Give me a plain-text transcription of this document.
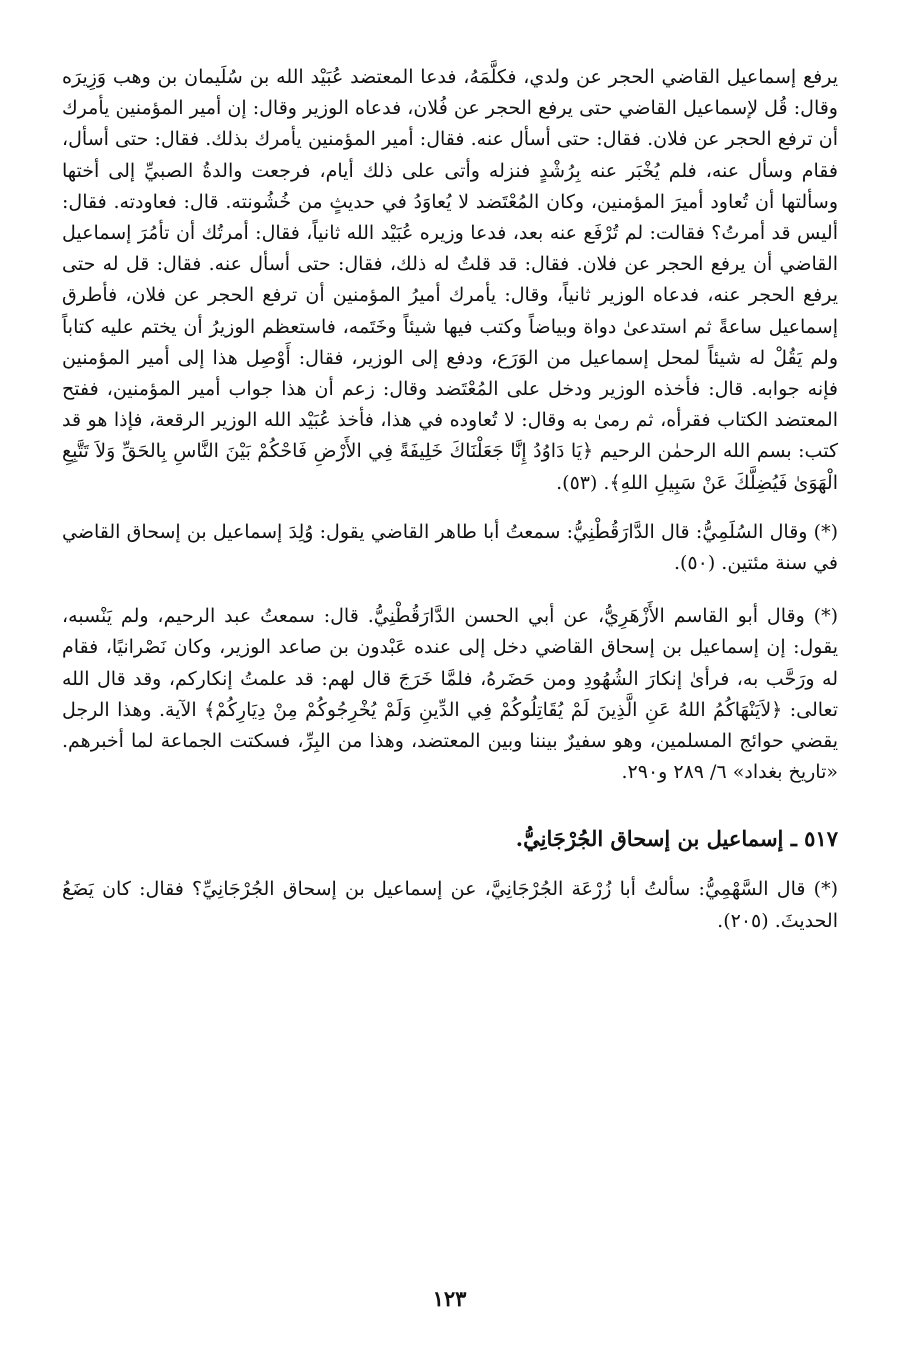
يرفع إسماعيل القاضي الحجر عن ولدي، فكلَّمَهُ، فدعا المعتضد عُبَيْد الله بن سُلَيمان بن وهب وَزِيرَه وقال: قُل لإسماعيل القاضي حتى يرفع الحجر عن فُلان، فدعاه الوزير وقال: إن أمير المؤمنين يأمرك أن ترفع الحجر عن فلان. فقال: حتى أسأل عنه. فقال: أمير المؤمنين يأمرك بذلك. فقال: حتى أسأل، فقام وسأل عنه، فلم يُخْبَر عنه بِرُشْدٍ فنزله وأتى على ذلك أيام، فرجعت والدةُ الصبيِّ إلى أختها وسألتها أن تُعاود أميرَ المؤمنين، وكان المُعْتَضد لا يُعاوَدُ في حديثٍ من خُشُونته. قال: فعاودته. فقال: أليس قد أمرتُ؟ فقالت: لم تُرْفَع عنه بعد، فدعا وزيره عُبَيْد الله ثانياً، فقال: أمرتُك أن تأمُرَ إسماعيل القاضي أن يرفع الحجر عن فلان. فقال: قد قلتُ له ذلك، فقال: حتى أسأل عنه. فقال: قل له حتى يرفع الحجر عنه، فدعاه الوزير ثانياً، وقال: يأمرك أميرُ المؤمنين أن ترفع الحجر عن فلان، فأطرق إسماعيل ساعةً ثم استدعىٰ دواة وبياضاً وكتب فيها شيئاً وخَتَمه، فاستعظم الوزيرُ أن يختم عليه كتاباً ولم يَقُلْ له شيئاً لمحل إسماعيل من الوَرَع، ودفع إلى الوزير، فقال: أَوْصِل هذا إلى أمير المؤمنين فإنه جوابه. قال: فأخذه الوزير ودخل على المُعْتَضد وقال: زعم أن هذا جواب أمير المؤمنين، ففتح المعتضد الكتاب فقرأه، ثم رمىٰ به وقال: لا تُعاوده في هذا، فأخذ عُبَيْد الله الوزير الرقعة، فإذا هو قد كتب: بسم الله الرحمٰن الرحيم ﴿يَا دَاوُدُ إِنَّا جَعَلْنَاكَ خَلِيفَةً فِي الأَرْضِ فَاحْكُمْ بَيْنَ النَّاسِ بِالحَقِّ وَلاَ تَتَّبِعِ الْهَوَىٰ فَيُضِلَّكَ عَنْ سَبِيلِ اللهِ﴾. (٥٣).

(*) وقال السُلَمِيُّ: قال الدَّارَقُطْنِيُّ: سمعتُ أبا طاهر القاضي يقول: وُلِدَ إسماعيل بن إسحاق القاضي في سنة مئتين. (٥٠).

(*) وقال أبو القاسم الأَزْهَرِيُّ، عن أبي الحسن الدَّارَقُطْنِيُّ. قال: سمعتُ عبد الرحيم، ولم يَنْسبه، يقول: إن إسماعيل بن إسحاق القاضي دخل إلى عنده عَبْدون بن صاعد الوزير، وكان نَصْرانيًا، فقام له ورَحَّب به، فرأىٰ إنكارَ الشُهُودِ ومن حَضَرهُ، فلمَّا خَرَجَ قال لهم: قد علمتُ إنكاركم، وقد قال الله تعالى: ﴿لاَيَنْهَاكُمُ اللهُ عَنِ الَّذِينَ لَمْ يُقَاتِلُوكُمْ فِي الدِّينِ وَلَمْ يُخْرِجُوكُمْ مِنْ دِيَارِكُمْ﴾ الآية. وهذا الرجل يقضي حوائج المسلمين، وهو سفيرٌ بيننا وبين المعتضد، وهذا من البِرِّ، فسكتت الجماعة لما أخبرهم. «تاريخ بغداد» ٦/ ٢٨٩ و٢٩٠.

٥١٧ ـ إسماعيل بن إسحاق الجُرْجَانِيُّ.

(*) قال السَّهْمِيُّ: سألتُ أبا زُرْعَة الجُرْجَانِيَّ، عن إسماعيل بن إسحاق الجُرْجَانِيِّ؟ فقال: كان يَضَعُ الحديثَ. (٢٠٥).

١٢٣
